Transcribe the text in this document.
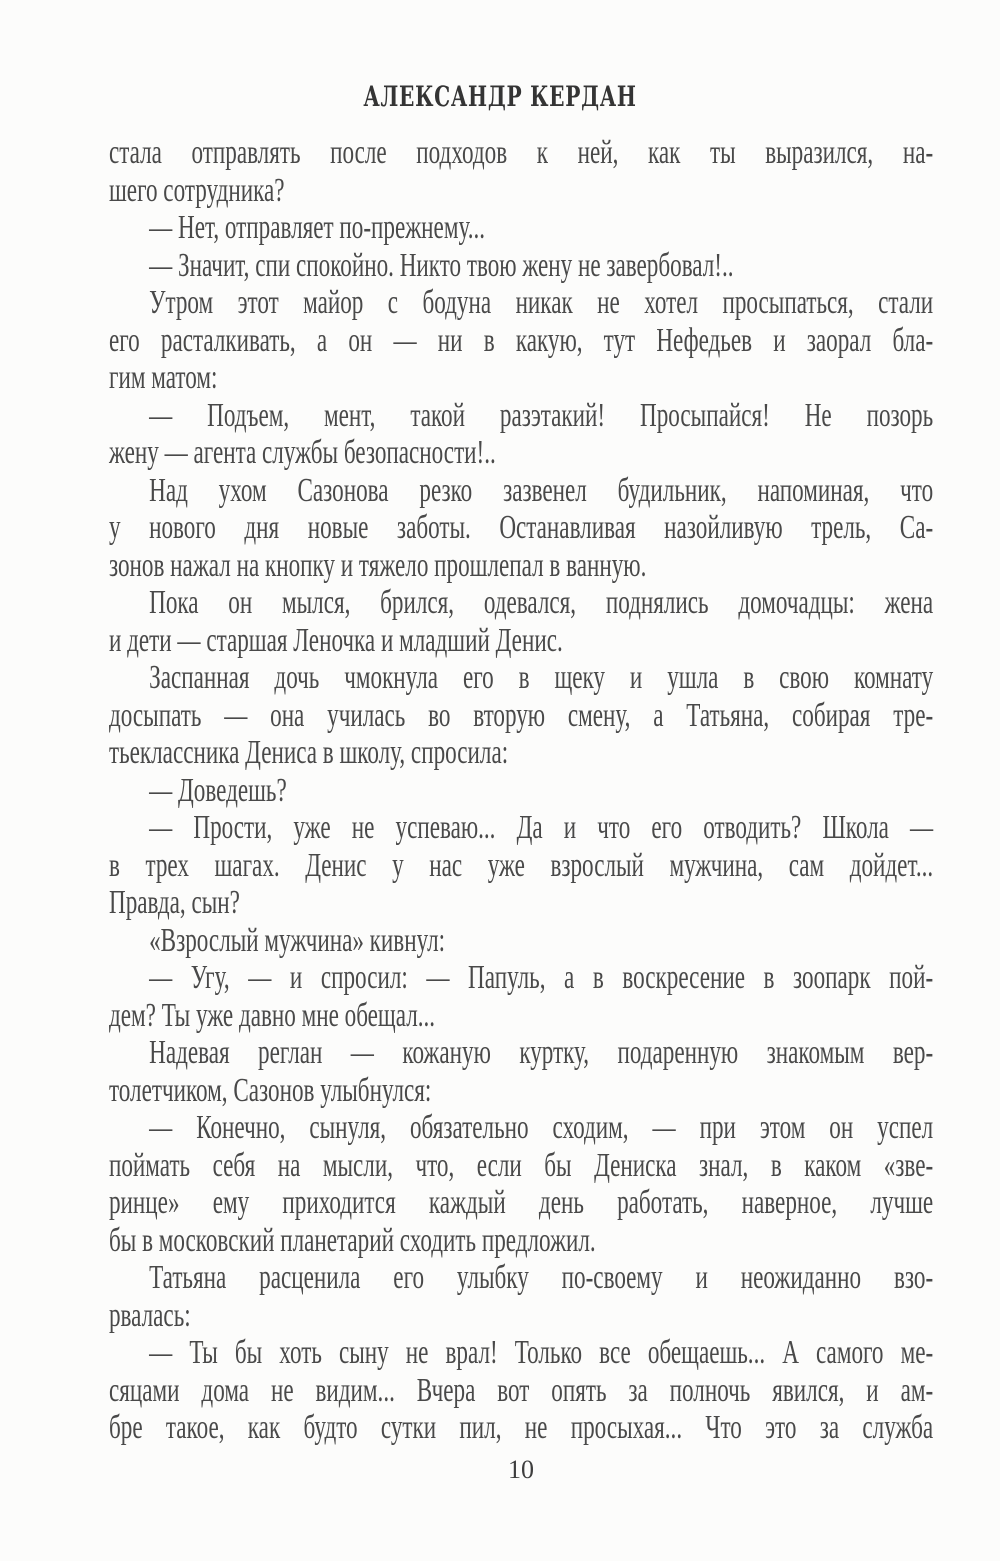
АЛЕКСАНДР КЕРДАН
стала отправлять после подходов к ней, как ты выразился, на-
шего сотрудника?
— Нет, отправляет по-прежнему...
— Значит, спи спокойно. Никто твою жену не завербовал!..
Утром этот майор с бодуна никак не хотел просыпаться, стали
его расталкивать, а он — ни в какую, тут Нефедьев и заорал бла-
гим матом:
— Подъем, мент, такой разэтакий! Просыпайся! Не позорь
жену — агента службы безопасности!..
Над ухом Сазонова резко зазвенел будильник, напоминая, что
у нового дня новые заботы. Останавливая назойливую трель, Са-
зонов нажал на кнопку и тяжело прошлепал в ванную.
Пока он мылся, брился, одевался, поднялись домочадцы: жена
и дети — старшая Леночка и младший Денис.
Заспанная дочь чмокнула его в щеку и ушла в свою комнату
досыпать — она училась во вторую смену, а Татьяна, собирая тре-
тьеклассника Дениса в школу, спросила:
— Доведешь?
— Прости, уже не успеваю... Да и что его отводить? Школа —
в трех шагах. Денис у нас уже взрослый мужчина, сам дойдет...
Правда, сын?
«Взрослый мужчина» кивнул:
— Угу, — и спросил: — Папуль, а в воскресение в зоопарк пой-
дем? Ты уже давно мне обещал...
Надевая реглан — кожаную куртку, подаренную знакомым вер-
толетчиком, Сазонов улыбнулся:
— Конечно, сынуля, обязательно сходим, — при этом он успел
поймать себя на мысли, что, если бы Дениска знал, в каком «зве-
ринце» ему приходится каждый день работать, наверное, лучше
бы в московский планетарий сходить предложил.
Татьяна расценила его улыбку по-своему и неожиданно взо-
рвалась:
— Ты бы хоть сыну не врал! Только все обещаешь... А самого ме-
сяцами дома не видим... Вчера вот опять за полночь явился, и ам-
бре такое, как будто сутки пил, не просыхая... Что это за служба
10
